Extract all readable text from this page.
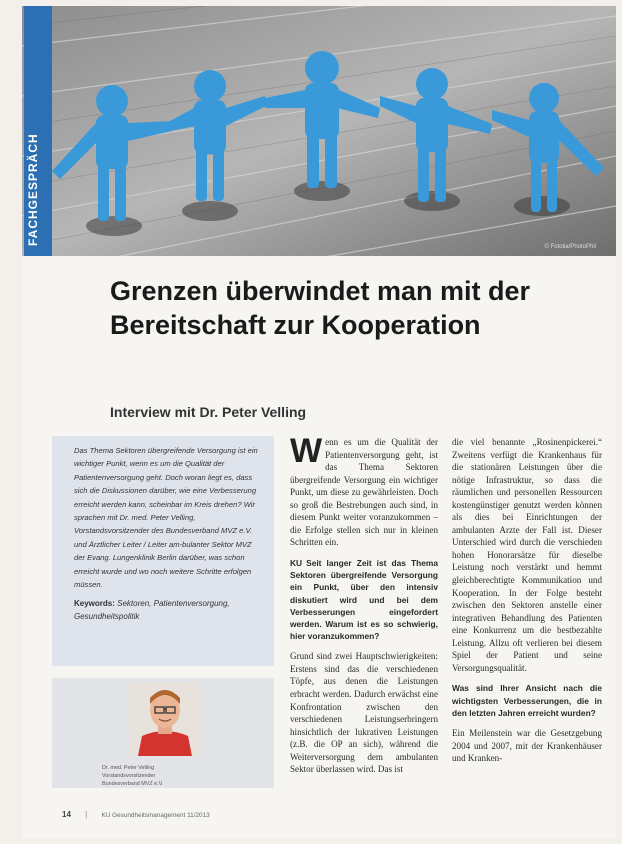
FACHGESPRÄCH
© Fotolia/PhotoPhil
Grenzen überwindet man mit der Bereitschaft zur Kooperation
Interview mit Dr. Peter Velling

Das Thema Sektoren übergreifende Versorgung ist ein wichtiger Punkt, wenn es um die Qualität der Patientenversorgung geht. Doch woran liegt es, dass sich die Diskussionen darüber, wie eine Verbesserung erreicht werden kann, scheinbar im Kreis drehen? Wir sprachen mit Dr. med. Peter Velling, Vorstandsvorsitzender des Bundesverband MVZ e.V. und Ärztlicher Leiter / Leiter am-bulanter Sektor MVZ der Evang. Lungenklinik Berlin darüber, was schon erreicht wurde und wo noch weitere Schritte erfolgen müssen.

Keywords: Sektoren, Patientenversorgung, Gesundheitspolitik
Dr. med. Peter Velling
Vorstandsvorsitzender
Bundesverband MVZ e.V.

Wenn es um die Qualität der Patientenversorgung geht, ist das Thema Sektoren übergreifende Versorgung ein wichtiger Punkt, um diese zu gewährleisten. Doch so groß die Bestrebungen auch sind, in diesem Punkt weiter voranzukommen – die Erfolge stellen sich nur in kleinen Schritten ein.

KU Seit langer Zeit ist das Thema Sektoren übergreifende Versorgung ein Punkt, über den intensiv diskutiert wird und bei dem Verbesserungen eingefordert werden. Warum ist es so schwierig, hier voranzukommen?

Grund sind zwei Hauptschwierigkeiten: Erstens sind das die verschiedenen Töpfe, aus denen die Leistungen erbracht werden. Dadurch erwächst eine Konfrontation zwischen den verschiedenen Leistungserbringern hinsichtlich der lukrativen Leistungen (z.B. die OP an sich), während die Weiterversorgung dem ambulanten Sektor überlassen wird. Das ist

die viel benannte „Rosinenpickerei.“ Zweitens verfügt die Krankenhaus für die stationären Leistungen über die nötige Infrastruktur, so dass die räumlichen und personellen Ressourcen kostengünstiger genutzt werden können als dies bei Einrichtungen der ambulanten Arzte der Fall ist. Dieser Unterschied wird durch die verschieden hohen Honorarsätze für dieselbe Leistung noch verstärkt und hemmt gleichberechtigte Kommunikation und Kooperation. In der Folge besteht zwischen den Sektoren anstelle einer integrativen Behandlung des Patienten eine Konkurrenz um die bestbezahlte Leistung. Allzu oft verlieren bei diesem Spiel der Patient und seine Versorgungsqualität.

Was sind Ihrer Ansicht nach die wichtigsten Verbesserungen, die in den letzten Jahren erreicht wurden?

Ein Meilenstein war die Gesetzgebung 2004 und 2007, mit der Krankenhäuser und Kranken-

14 | KU Gesundheitsmanagement 11/2013
